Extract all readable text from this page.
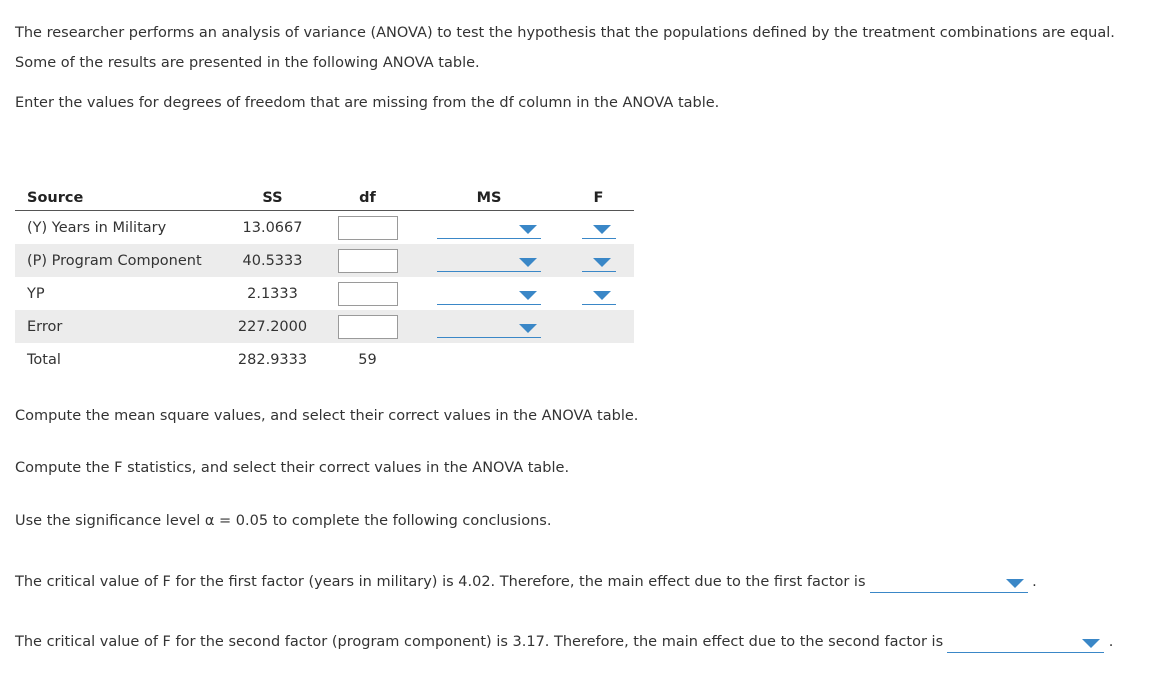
The researcher performs an analysis of variance (ANOVA) to test the hypothesis that the populations defined by the treatment combinations are equal.
Some of the results are presented in the following ANOVA table.

Enter the values for degrees of freedom that are missing from the df column in the ANOVA table.

Source	SS	df	MS	F
(Y) Years in Military	13.0667		

(P) Program Component	40.5333		

YP	2.1333		

Error	227.2000		

Total	282.9333	59		

Compute the mean square values, and select their correct values in the ANOVA table.

Compute the F statistics, and select their correct values in the ANOVA table.

Use the significance level α = 0.05 to complete the following conclusions.

The critical value of F for the first factor (years in military) is 4.02. Therefore, the main effect due to the first factor is	.

The critical value of F for the second factor (program component) is 3.17. Therefore, the main effect due to the second factor is	.
